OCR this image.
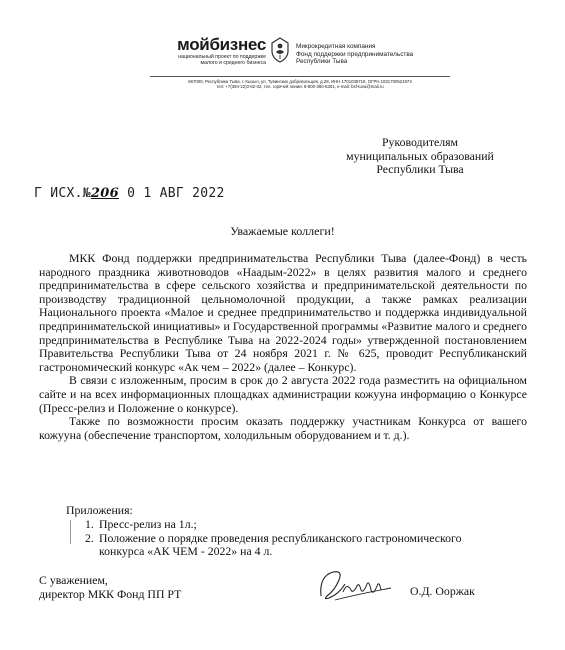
мойбизнес
национальный проект по поддержке
малого и среднего бизнеса
Микрокредитная компания
Фонд поддержки предпринимательства
Республики Тыва
667000, Республика Тыва, г. Кызыл, ул. Тувинских добровольцев, д.28, ИНН 1701035719, ОГРН 1031700521973
тел: +7(394-22)3-62-02, тел. горячей линии: 8-800-350-6301, e-mail: bsf-tuva@mail.ru
Руководителям
муниципальных образований
Республики Тыва
Г ИСХ.№206 0 1 АВГ 2022
Уважаемые коллеги!

МКК Фонд поддержки предпринимательства Республики Тыва (далее-Фонд) в честь народного праздника животноводов «Наадым-2022» в целях развития малого и среднего предпринимательства в сфере сельского хозяйства и предпринимательской деятельности по производству традиционной цельномолочной продукции, а также рамках реализации Национального проекта «Малое и среднее предпринимательство и поддержка индивидуальной предпринимательской инициативы» и Государственной программы «Развитие малого и среднего предпринимательства в Республике Тыва на 2022-2024 годы» утвержденной постановлением Правительства Республики Тыва от 24 ноября 2021 г. № 625, проводит Республиканский гастрономический конкурс «Ак чем – 2022» (далее – Конкурс).

В связи с изложенным, просим в срок до 2 августа 2022 года разместить на официальном сайте и на всех информационных площадках администрации кожууна информацию о Конкурсе (Пресс-релиз и Положение о конкурсе).

Также по возможности просим оказать поддержку участникам Конкурса от вашего кожууна (обеспечение транспортом, холодильным оборудованием и т. д.).

Приложения:
1. Пресс-релиз на 1л.;
2. Положение о порядке проведения республиканского гастрономического конкурса «АК ЧЕМ - 2022» на 4 л.
С уважением,
директор МКК Фонд ПП РТ	О.Д. Ооржак
